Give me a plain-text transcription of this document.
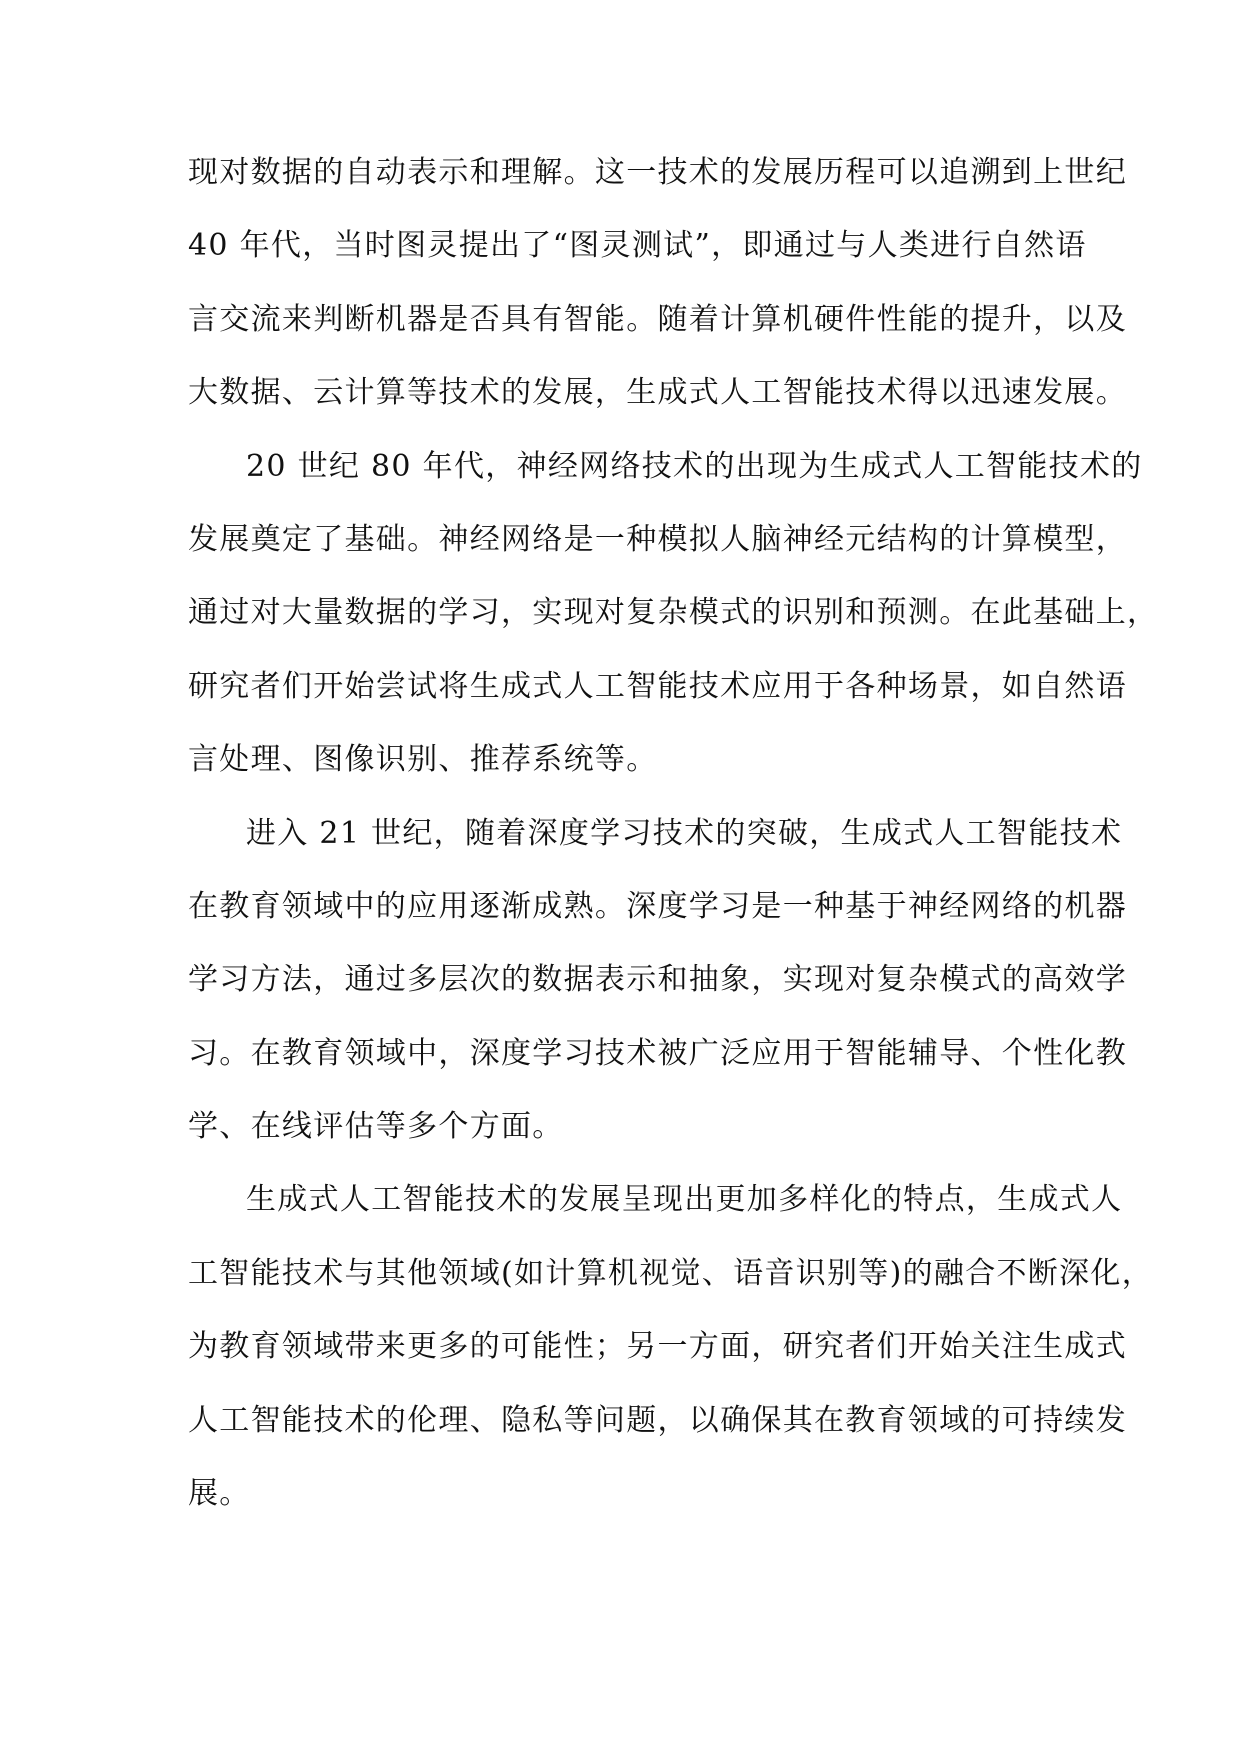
现对数据的自动表示和理解。这一技术的发展历程可以追溯到上世纪
40 年代，当时图灵提出了“图灵测试”，即通过与人类进行自然语
言交流来判断机器是否具有智能。随着计算机硬件性能的提升，以及
大数据、云计算等技术的发展，生成式人工智能技术得以迅速发展。
20 世纪 80 年代，神经网络技术的出现为生成式人工智能技术的
发展奠定了基础。神经网络是一种模拟人脑神经元结构的计算模型，
通过对大量数据的学习，实现对复杂模式的识别和预测。在此基础上，
研究者们开始尝试将生成式人工智能技术应用于各种场景，如自然语
言处理、图像识别、推荐系统等。
进入 21 世纪，随着深度学习技术的突破，生成式人工智能技术
在教育领域中的应用逐渐成熟。深度学习是一种基于神经网络的机器
学习方法，通过多层次的数据表示和抽象，实现对复杂模式的高效学
习。在教育领域中，深度学习技术被广泛应用于智能辅导、个性化教
学、在线评估等多个方面。
生成式人工智能技术的发展呈现出更加多样化的特点，生成式人
工智能技术与其他领域(如计算机视觉、语音识别等)的融合不断深化，
为教育领域带来更多的可能性；另一方面，研究者们开始关注生成式
人工智能技术的伦理、隐私等问题，以确保其在教育领域的可持续发
展。
